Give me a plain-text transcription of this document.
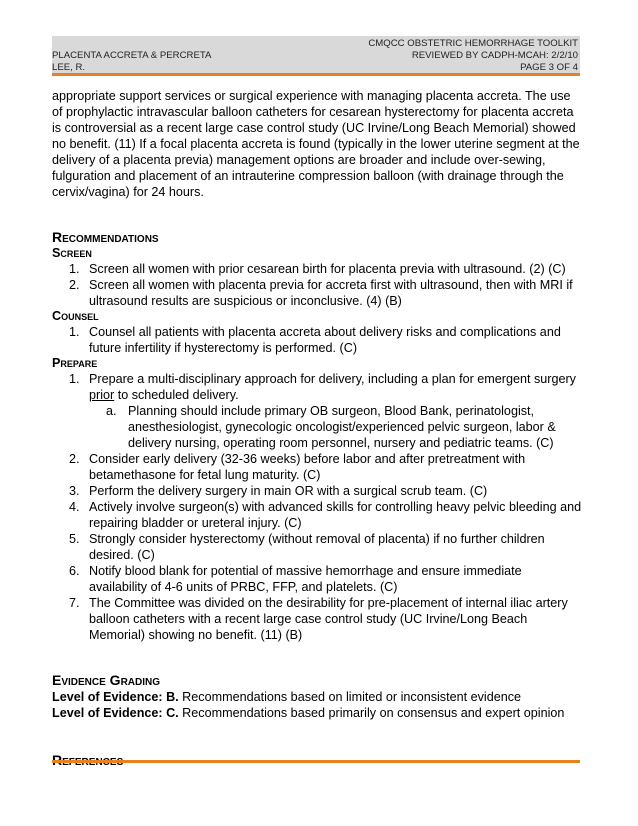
CMQCC OBSTETRIC HEMORRHAGE TOOLKIT
PLACENTA ACCRETA & PERCRETA	REVIEWED BY CADPH-MCAH: 2/2/10
LEE, R.	PAGE 3 OF 4

appropriate support services or surgical experience with managing placenta accreta. The use of prophylactic intravascular balloon catheters for cesarean hysterectomy for placenta accreta is controversial as a recent large case control study (UC Irvine/Long Beach Memorial) showed no benefit. (11) If a focal placenta accreta is found (typically in the lower uterine segment at the delivery of a placenta previa) management options are broader and include over-sewing, fulguration and placement of an intrauterine compression balloon (with drainage through the cervix/vagina) for 24 hours.

Recommendations
Screen
1. Screen all women with prior cesarean birth for placenta previa with ultrasound. (2) (C)
2. Screen all women with placenta previa for accreta first with ultrasound, then with MRI if ultrasound results are suspicious or inconclusive. (4) (B)
Counsel
1. Counsel all patients with placenta accreta about delivery risks and complications and future infertility if hysterectomy is performed. (C)
Prepare
1. Prepare a multi-disciplinary approach for delivery, including a plan for emergent surgery prior to scheduled delivery.
a. Planning should include primary OB surgeon, Blood Bank, perinatologist, anesthesiologist, gynecologic oncologist/experienced pelvic surgeon, labor & delivery nursing, operating room personnel, nursery and pediatric teams. (C)
2. Consider early delivery (32-36 weeks) before labor and after pretreatment with betamethasone for fetal lung maturity. (C)
3. Perform the delivery surgery in main OR with a surgical scrub team. (C)
4. Actively involve surgeon(s) with advanced skills for controlling heavy pelvic bleeding and repairing bladder or ureteral injury. (C)
5. Strongly consider hysterectomy (without removal of placenta) if no further children desired. (C)
6. Notify blood blank for potential of massive hemorrhage and ensure immediate availability of 4-6 units of PRBC, FFP, and platelets. (C)
7. The Committee was divided on the desirability for pre-placement of internal iliac artery balloon catheters with a recent large case control study (UC Irvine/Long Beach Memorial) showing no benefit. (11) (B)
Evidence Grading

Level of Evidence: B. Recommendations based on limited or inconsistent evidence

Level of Evidence: C. Recommendations based primarily on consensus and expert opinion
